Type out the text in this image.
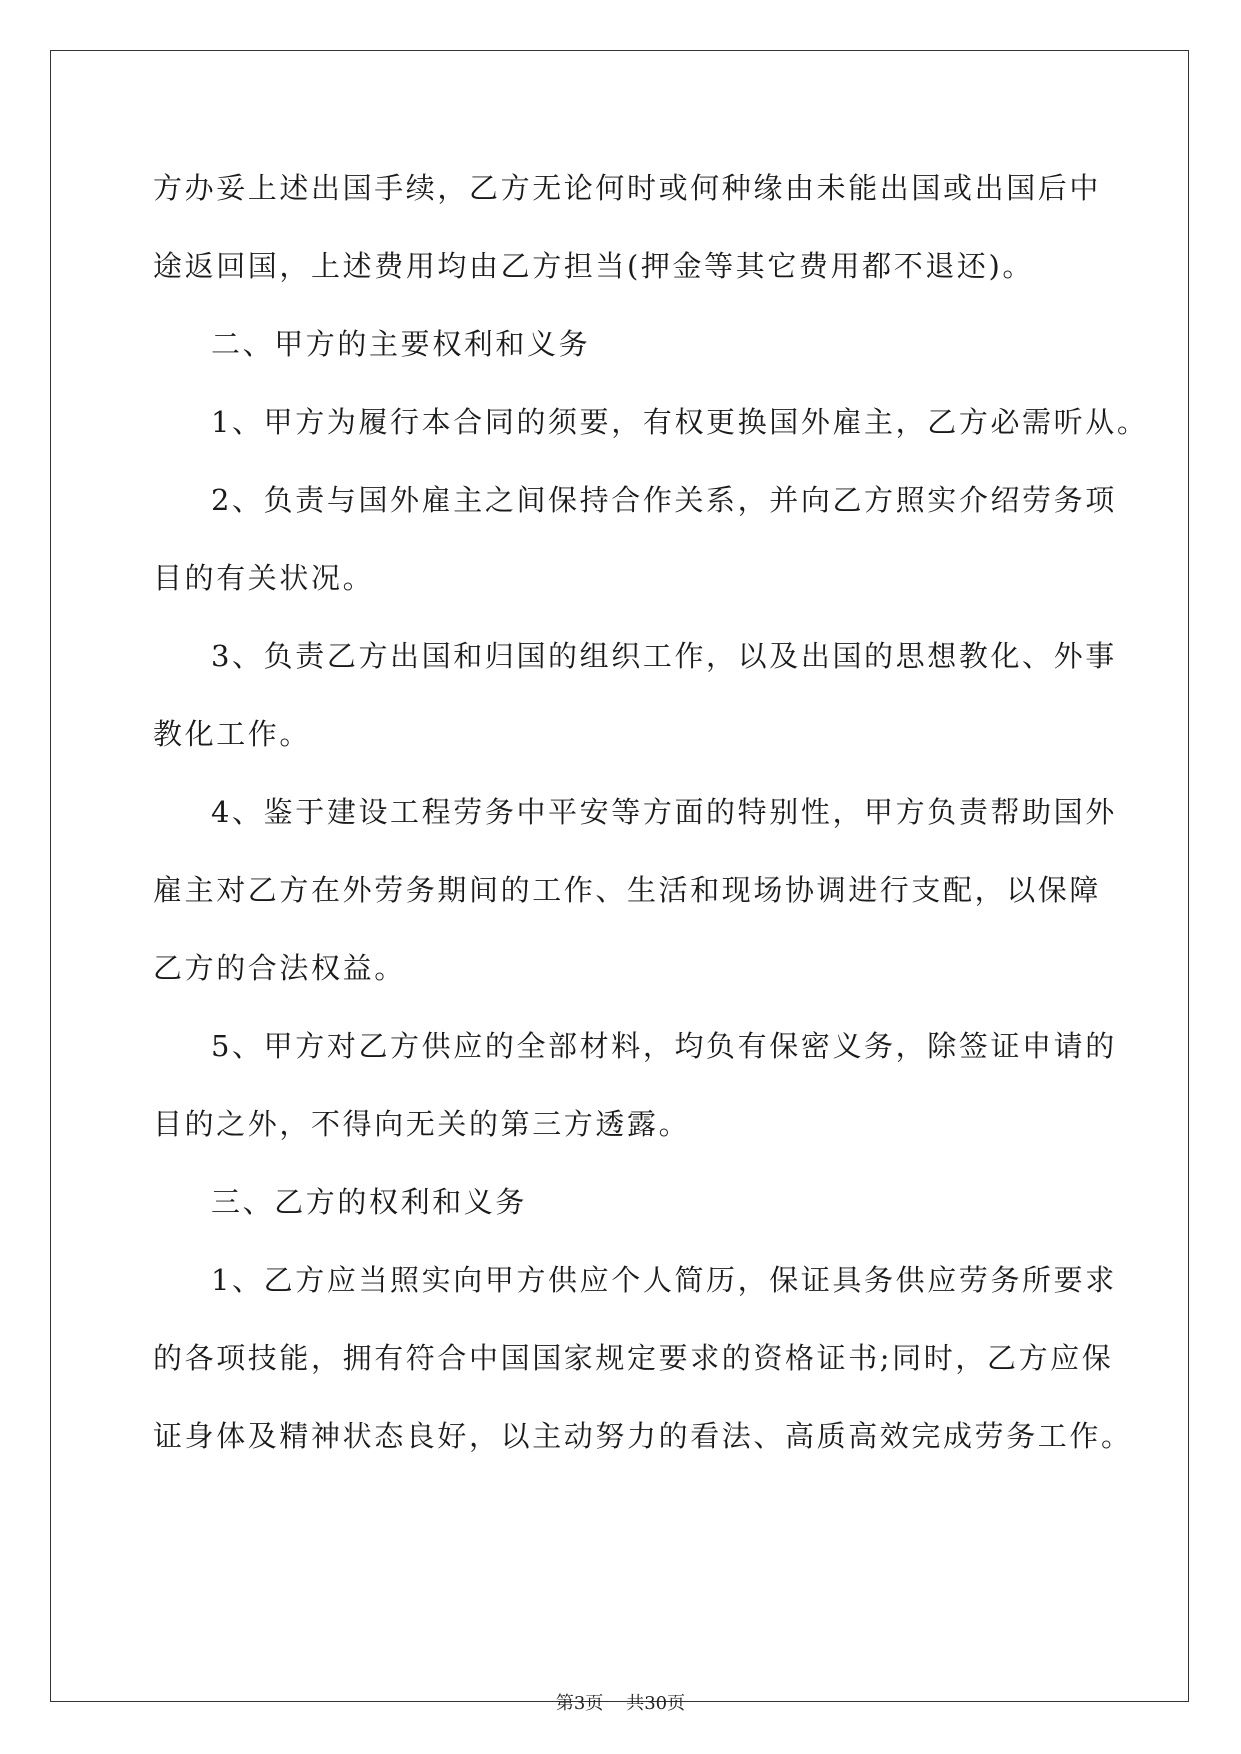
方办妥上述出国手续，乙方无论何时或何种缘由未能出国或出国后中
途返回国，上述费用均由乙方担当(押金等其它费用都不退还)。
二、甲方的主要权利和义务
1、甲方为履行本合同的须要，有权更换国外雇主，乙方必需听从。
2、负责与国外雇主之间保持合作关系，并向乙方照实介绍劳务项
目的有关状况。
3、负责乙方出国和归国的组织工作，以及出国的思想教化、外事
教化工作。
4、鉴于建设工程劳务中平安等方面的特别性，甲方负责帮助国外
雇主对乙方在外劳务期间的工作、生活和现场协调进行支配，以保障
乙方的合法权益。
5、甲方对乙方供应的全部材料，均负有保密义务，除签证申请的
目的之外，不得向无关的第三方透露。
三、乙方的权利和义务
1、乙方应当照实向甲方供应个人简历，保证具务供应劳务所要求
的各项技能，拥有符合中国国家规定要求的资格证书;同时，乙方应保
证身体及精神状态良好，以主动努力的看法、高质高效完成劳务工作。
第3页 共30页
